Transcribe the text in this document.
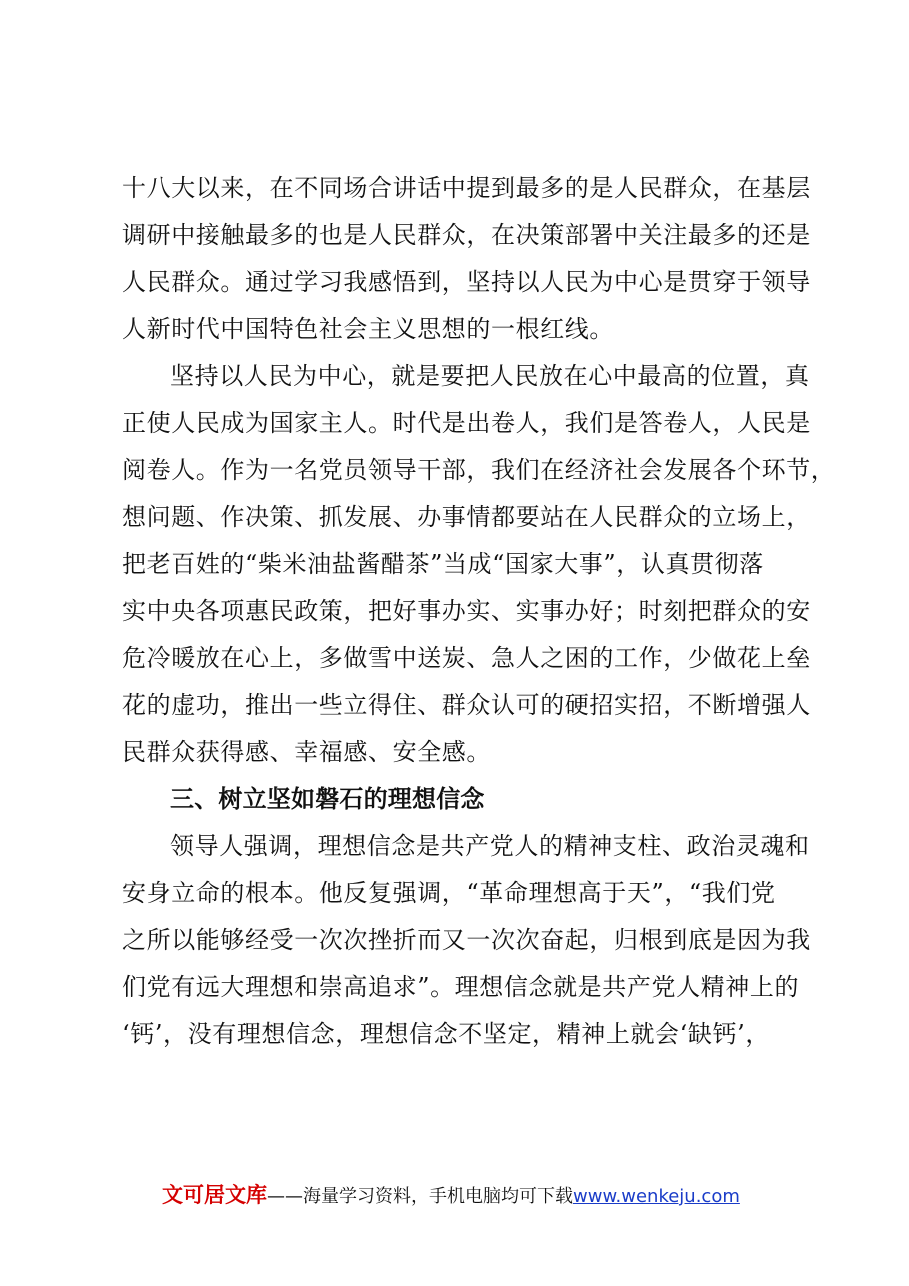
十八大以来，在不同场合讲话中提到最多的是人民群众，在基层
调研中接触最多的也是人民群众，在决策部署中关注最多的还是
人民群众。通过学习我感悟到，坚持以人民为中心是贯穿于领导
人新时代中国特色社会主义思想的一根红线。
坚持以人民为中心，就是要把人民放在心中最高的位置，真
正使人民成为国家主人。时代是出卷人，我们是答卷人，人民是
阅卷人。作为一名党员领导干部，我们在经济社会发展各个环节，
想问题、作决策、抓发展、办事情都要站在人民群众的立场上，
把老百姓的“柴米油盐酱醋茶”当成“国家大事”，认真贯彻落
实中央各项惠民政策，把好事办实、实事办好；时刻把群众的安
危冷暖放在心上，多做雪中送炭、急人之困的工作，少做花上垒
花的虚功，推出一些立得住、群众认可的硬招实招，不断增强人
民群众获得感、幸福感、安全感。
三、树立坚如磐石的理想信念
领导人强调，理想信念是共产党人的精神支柱、政治灵魂和
安身立命的根本。他反复强调，“革命理想高于天”，“我们党
之所以能够经受一次次挫折而又一次次奋起，归根到底是因为我
们党有远大理想和崇高追求”。理想信念就是共产党人精神上的
‘钙’，没有理想信念，理想信念不坚定，精神上就会‘缺钙’，
文可居文库——海量学习资料，手机电脑均可下载www.wenkeju.com
